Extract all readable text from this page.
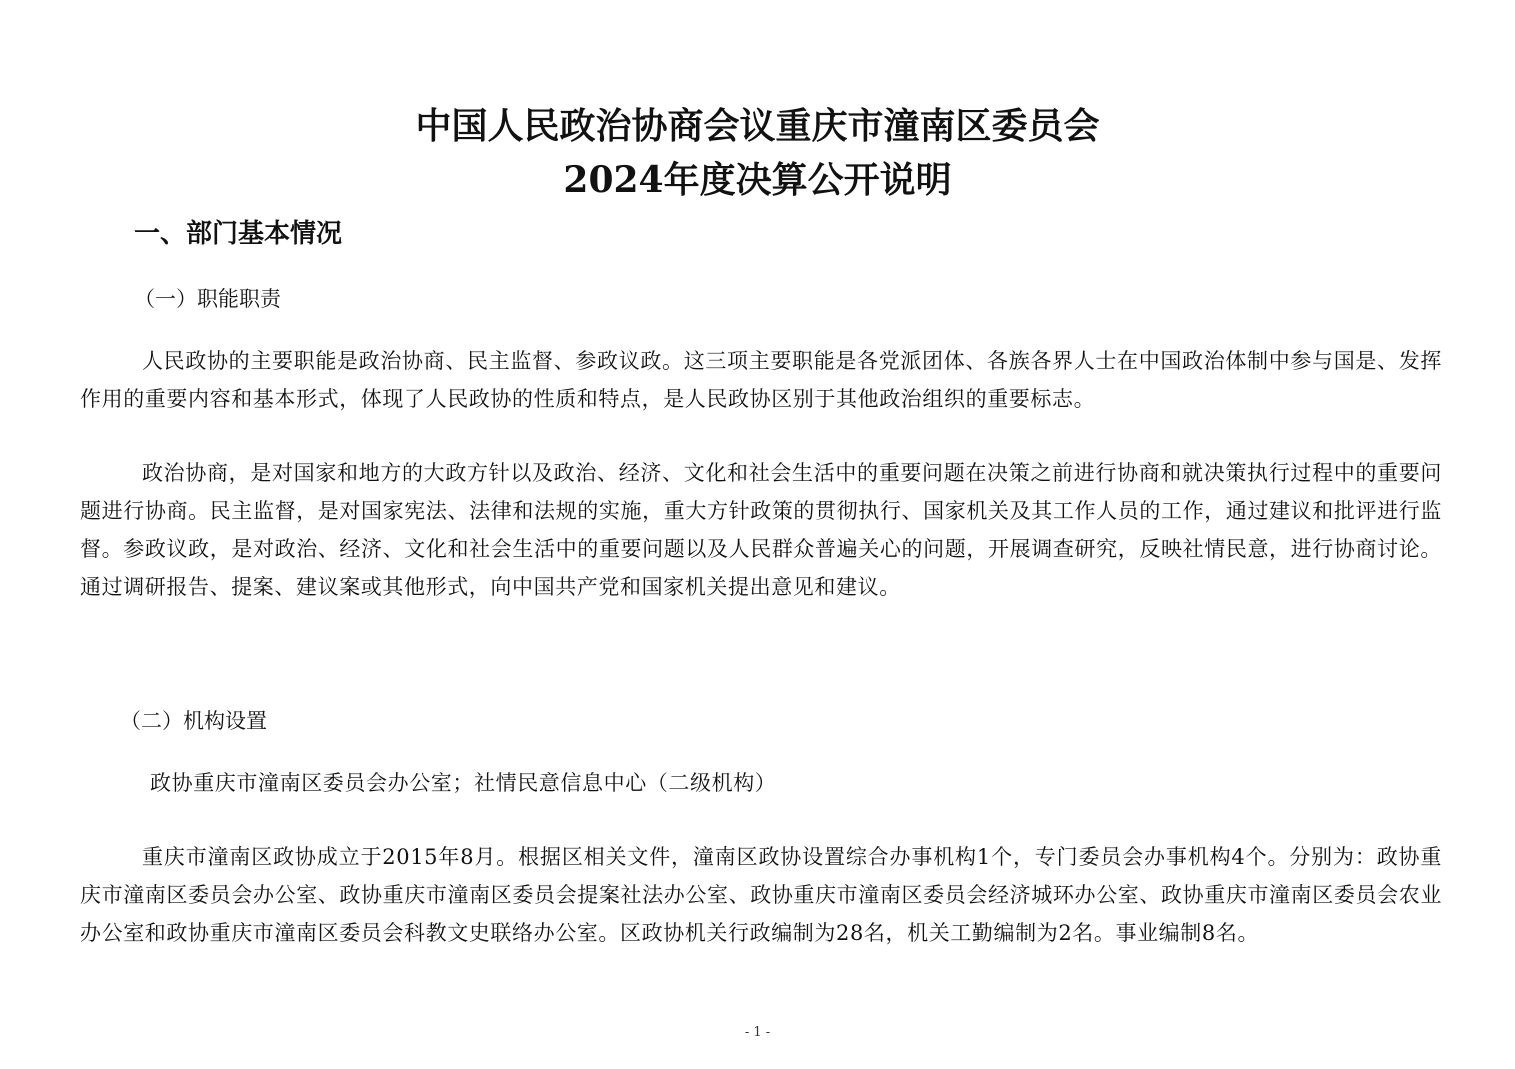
中国人民政治协商会议重庆市潼南区委员会
2024年度决算公开说明
一、部门基本情况
（一）职能职责

人民政协的主要职能是政治协商、民主监督、参政议政。这三项主要职能是各党派团体、各族各界人士在中国政治体制中参与国是、发挥作用的重要内容和基本形式，体现了人民政协的性质和特点，是人民政协区别于其他政治组织的重要标志。

政治协商，是对国家和地方的大政方针以及政治、经济、文化和社会生活中的重要问题在决策之前进行协商和就决策执行过程中的重要问题进行协商。民主监督，是对国家宪法、法律和法规的实施，重大方针政策的贯彻执行、国家机关及其工作人员的工作，通过建议和批评进行监督。参政议政，是对政治、经济、文化和社会生活中的重要问题以及人民群众普遍关心的问题，开展调查研究，反映社情民意，进行协商讨论。通过调研报告、提案、建议案或其他形式，向中国共产党和国家机关提出意见和建议。

（二）机构设置

政协重庆市潼南区委员会办公室；社情民意信息中心（二级机构）

重庆市潼南区政协成立于2015年8月。根据区相关文件，潼南区政协设置综合办事机构1个，专门委员会办事机构4个。分别为：政协重庆市潼南区委员会办公室、政协重庆市潼南区委员会提案社法办公室、政协重庆市潼南区委员会经济城环办公室、政协重庆市潼南区委员会农业办公室和政协重庆市潼南区委员会科教文史联络办公室。区政协机关行政编制为28名，机关工勤编制为2名。事业编制8名。

- 1 -
